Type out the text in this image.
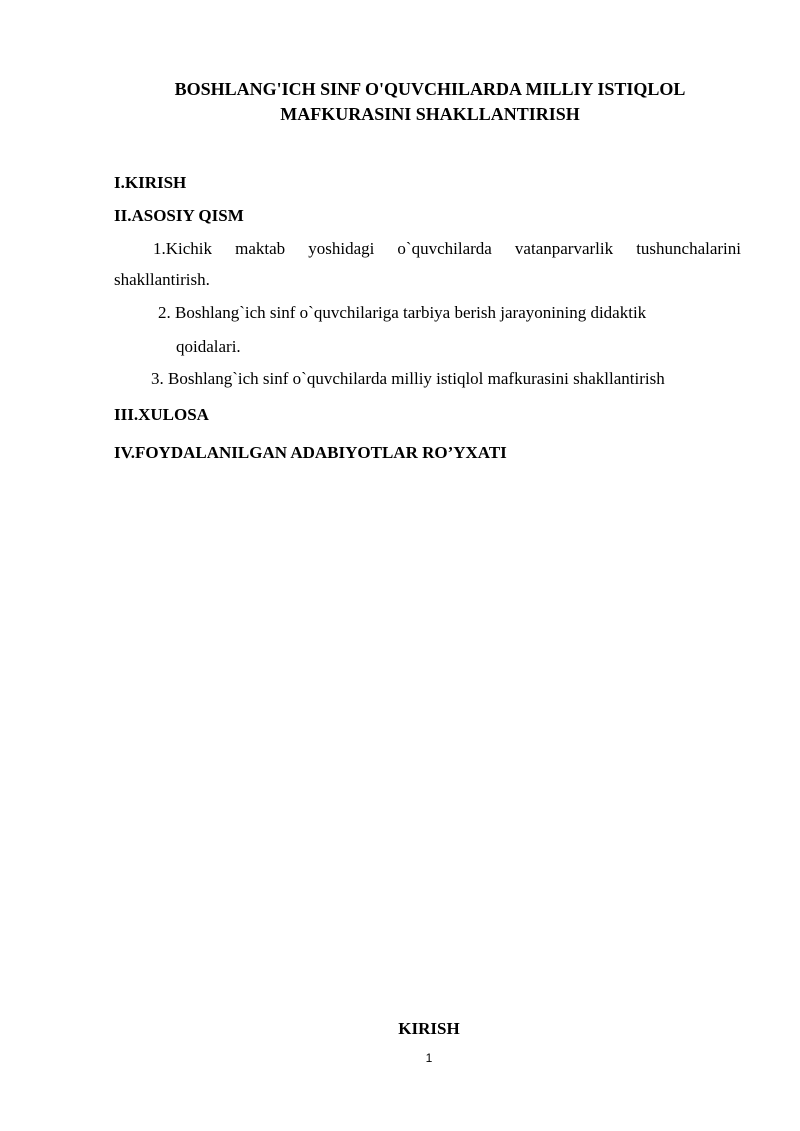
BOSHLANG'ICH SINF O'QUVCHILARDA MILLIY ISTIQLOL

MAFKURASINI SHAKLLANTIRISH

I.KIRISH

II.ASOSIY QISM

1.Kichik maktab yoshidagi o`quvchilarda vatanparvarlik tushunchalarini

shakllantirish.

2. Boshlang`ich sinf o`quvchilariga tarbiya berish jarayonining didaktik

qoidalari.

3. Boshlang`ich sinf o`quvchilarda milliy istiqlol mafkurasini shakllantirish

III.XULOSA

IV.FOYDALANILGAN ADABIYOTLAR RO’YXATI

KIRISH

1
